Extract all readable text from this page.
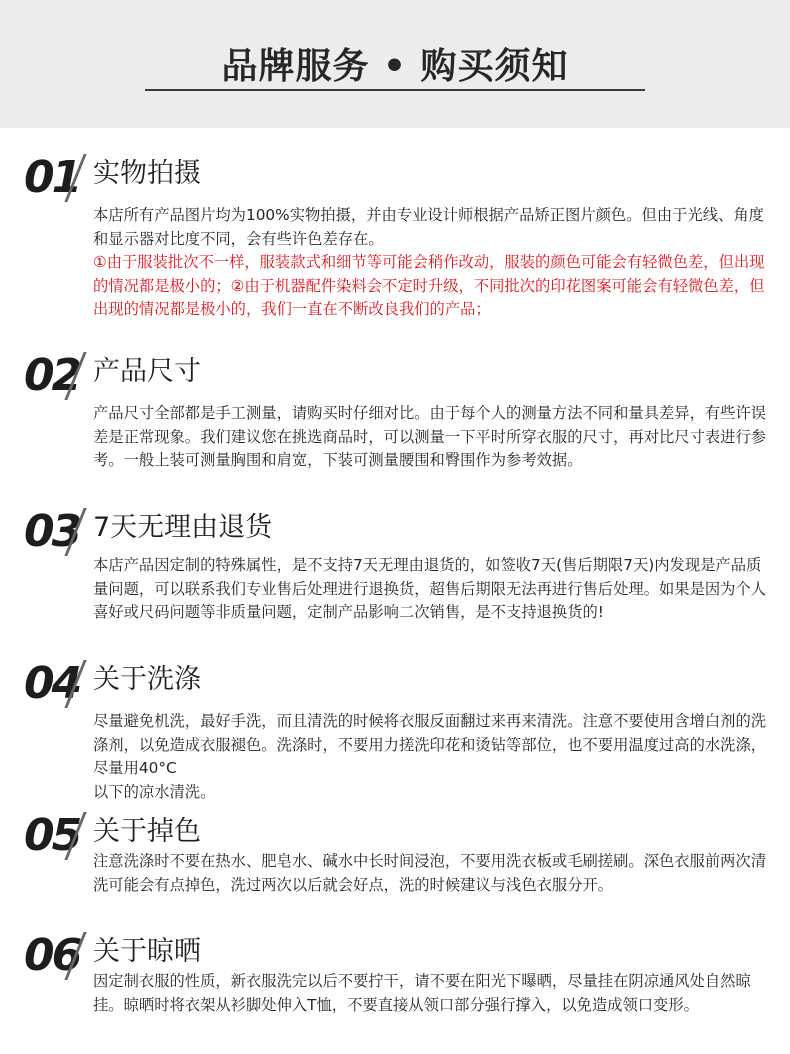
品牌服务 • 购买须知
01 实物拍摄

本店所有产品图片均为100%实物拍摄，并由专业设计师根据产品矫正图片颜色。但由于光线、角度和显示器对比度不同，会有些许色差存在。

①由于服装批次不一样，服装款式和细节等可能会稍作改动，服装的颜色可能会有轻微色差，但出现的情况都是极小的；②由于机器配件染料会不定时升级，不同批次的印花图案可能会有轻微色差，但出现的情况都是极小的，我们一直在不断改良我们的产品；

02 产品尺寸

产品尺寸全部都是手工测量，请购买时仔细对比。由于每个人的测量方法不同和量具差异，有些许误差是正常现象。我们建议您在挑选商品时，可以测量一下平时所穿衣服的尺寸，再对比尺寸表进行参考。一般上装可测量胸围和肩宽，下装可测量腰围和臀围作为参考效据。

03 7天无理由退货

本店产品因定制的特殊属性，是不支持7天无理由退货的，如签收7天(售后期限7天)内发现是产品质量问题，可以联系我们专业售后处理进行退换货，超售后期限无法再进行售后处理。如果是因为个人喜好或尺码问题等非质量问题，定制产品影响二次销售，是不支持退换货的!

04 关于洗涤

尽量避免机洗，最好手洗，而且清洗的时候将衣服反面翻过来再来清洗。注意不要使用含增白剂的洗涤剂，以免造成衣服褪色。洗涤时，不要用力搓洗印花和烫钻等部位，也不要用温度过高的水洗涤，尽量用40°C

以下的凉水清洗。

05 关于掉色

注意洗涤时不要在热水、肥皂水、碱水中长时间浸泡，不要用洗衣板或毛刷搓刷。深色衣服前两次清洗可能会有点掉色，洗过两次以后就会好点，洗的时候建议与浅色衣服分开。

06 关于晾晒

因定制衣服的性质，新衣服洗完以后不要拧干，请不要在阳光下曝晒，尽量挂在阴凉通风处自然晾挂。晾晒时将衣架从衫脚处伸入T恤，不要直接从领口部分强行撑入，以免造成领口变形。
